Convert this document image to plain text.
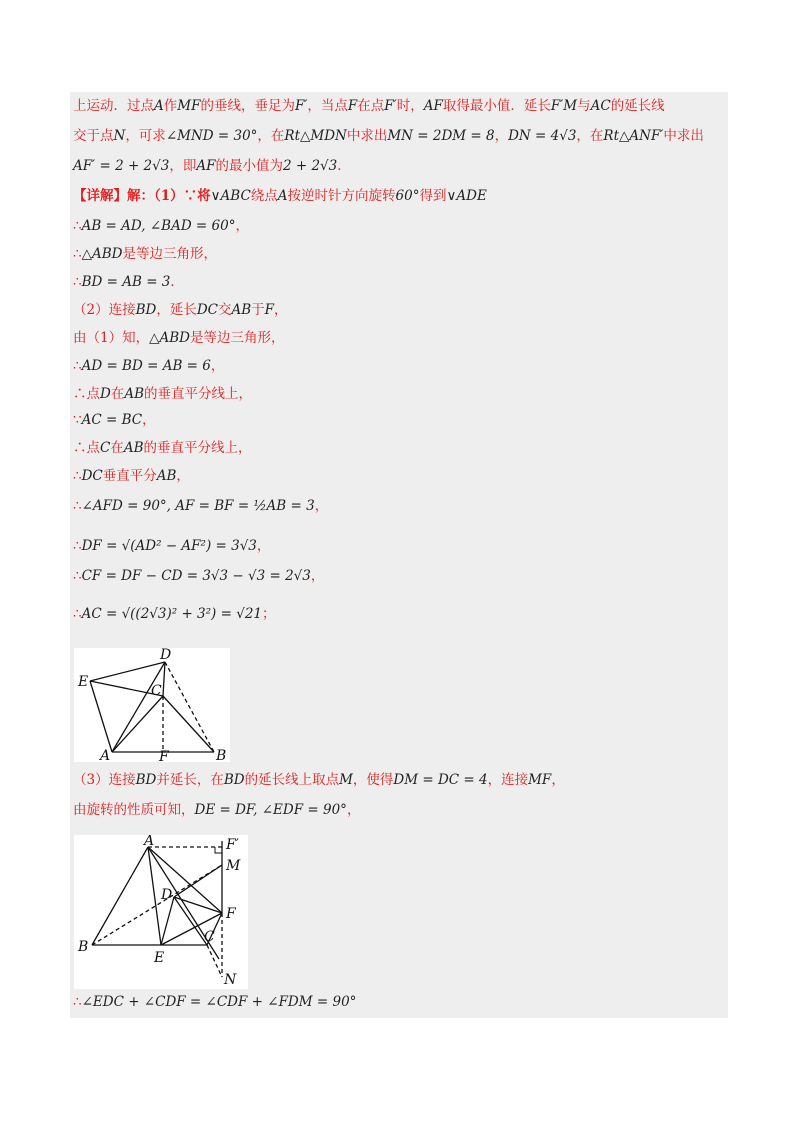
上运动．过点A作MF的垂线，垂足为F′，当点F在点F′时，AF取得最小值．延长F′M与AC的延长线
交于点N，可求∠MND = 30°，在Rt△MDN中求出MN = 2DM = 8，DN = 4√3，在Rt△ANF′中求出
AF′ = 2 + 2√3，即AF的最小值为2 + 2√3．
【详解】解：（1）∵将∨ABC绕点A按逆时针方向旋转60°得到∨ADE
∴AB = AD, ∠BAD = 60°，
∴△ABD是等边三角形，
∴BD = AB = 3．
（2）连接BD，延长DC交AB于F，
由（1）知，△ABD是等边三角形，
∴AD = BD = AB = 6，
∴点D在AB的垂直平分线上，
∵AC = BC，
∴点C在AB的垂直平分线上，
∴DC垂直平分AB，
∴∠AFD = 90°, AF = BF = ½AB = 3，
∴DF = √(AD² − AF²) = 3√3，
∴CF = DF − CD = 3√3 − √3 = 2√3，
∴AC = √((2√3)² + 3²) = √21；
（3）连接BD并延长，在BD的延长线上取点M，使得DM = DC = 4，连接MF，
由旋转的性质可知，DE = DF, ∠EDF = 90°，
∴∠EDC + ∠CDF = ∠CDF + ∠FDM = 90°
D
E
C
A	B
F
A	F′
M
D
F
B
C
E
N
